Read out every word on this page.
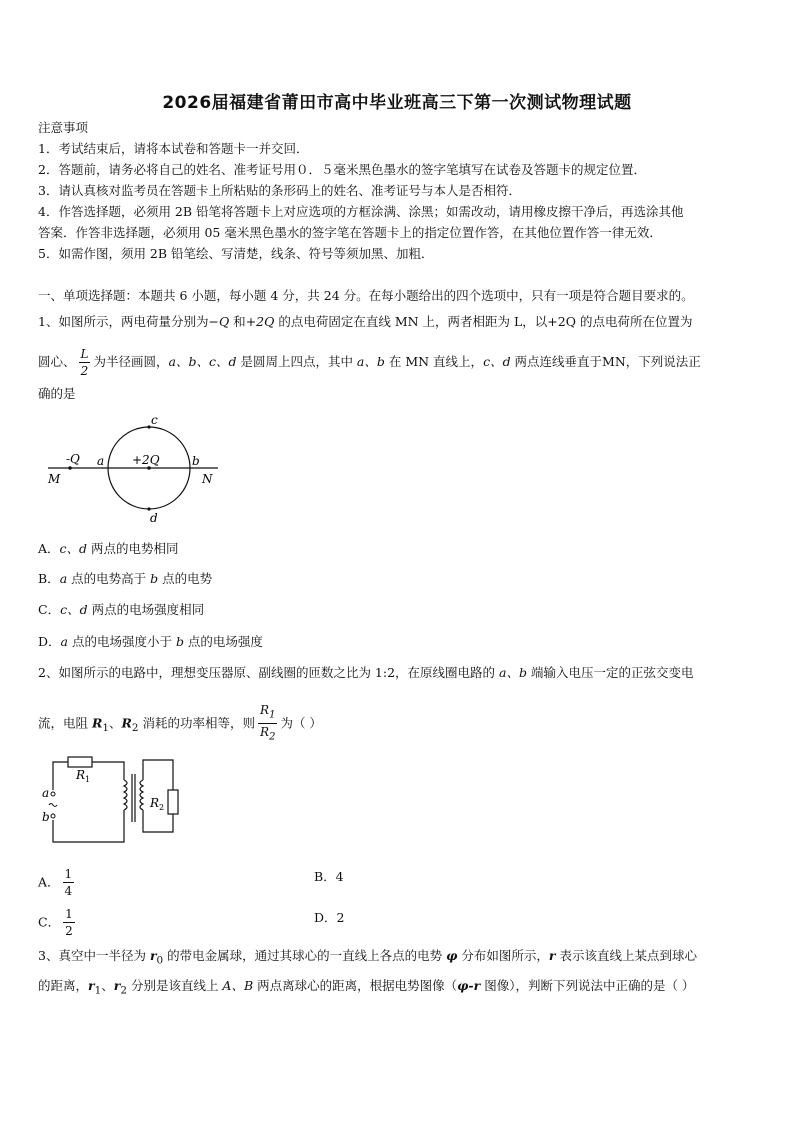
2026届福建省莆田市高中毕业班高三下第一次测试物理试题
注意事项
1．考试结束后，请将本试卷和答题卡一并交回．
2．答题前，请务必将自己的姓名、准考证号用０．５毫米黑色墨水的签字笔填写在试卷及答题卡的规定位置．
3．请认真核对监考员在答题卡上所粘贴的条形码上的姓名、准考证号与本人是否相符．
4．作答选择题，必须用 2B 铅笔将答题卡上对应选项的方框涂满、涂黑；如需改动，请用橡皮擦干净后，再选涂其他
答案．作答非选择题，必须用 05 毫米黑色墨水的签字笔在答题卡上的指定位置作答，在其他位置作答一律无效．
5．如需作图，须用 2B 铅笔绘、写清楚，线条、符号等须加黑、加粗．
一、单项选择题：本题共 6 小题，每小题 4 分，共 24 分。在每小题给出的四个选项中，只有一项是符合题目要求的。
1、如图所示，两电荷量分别为−Q 和+2Q 的点电荷固定在直线 MN 上，两者相距为 L，以+2Q 的点电荷所在位置为
圆心、 $\frac{L}{2}$ 为半径画圆，a、b、c、d 是圆周上四点，其中 a、b 在 MN 直线上，c、d 两点连线垂直于MN，下列说法正
确的是
-Q a +2Q	b
c
d
M	N
A．c、d 两点的电势相同
B．a 点的电势高于 b 点的电势
C．c、d 两点的电场强度相同
D．a 点的电场强度小于 b 点的电场强度
2、如图所示的电路中，理想变压器原、副线圈的匝数之比为 1:2，在原线圈电路的 a、b 端输入电压一定的正弦交变电
流，电阻 $R_1$、$R_2$ 消耗的功率相等，则 $\frac{R_1}{R_2}$ 为（ ）
R 1
R 2
a
b
A． $\frac{1}{4}$	B．4
C． $\frac{1}{2}$	D．2
3、真空中一半径为 $r_0$ 的带电金属球，通过其球心的一直线上各点的电势 φ 分布如图所示，r 表示该直线上某点到球心
的距离，$r_1$、$r_2$ 分别是该直线上 A、B 两点离球心的距离，根据电势图像（φ-r 图像），判断下列说法中正确的是（ ）
